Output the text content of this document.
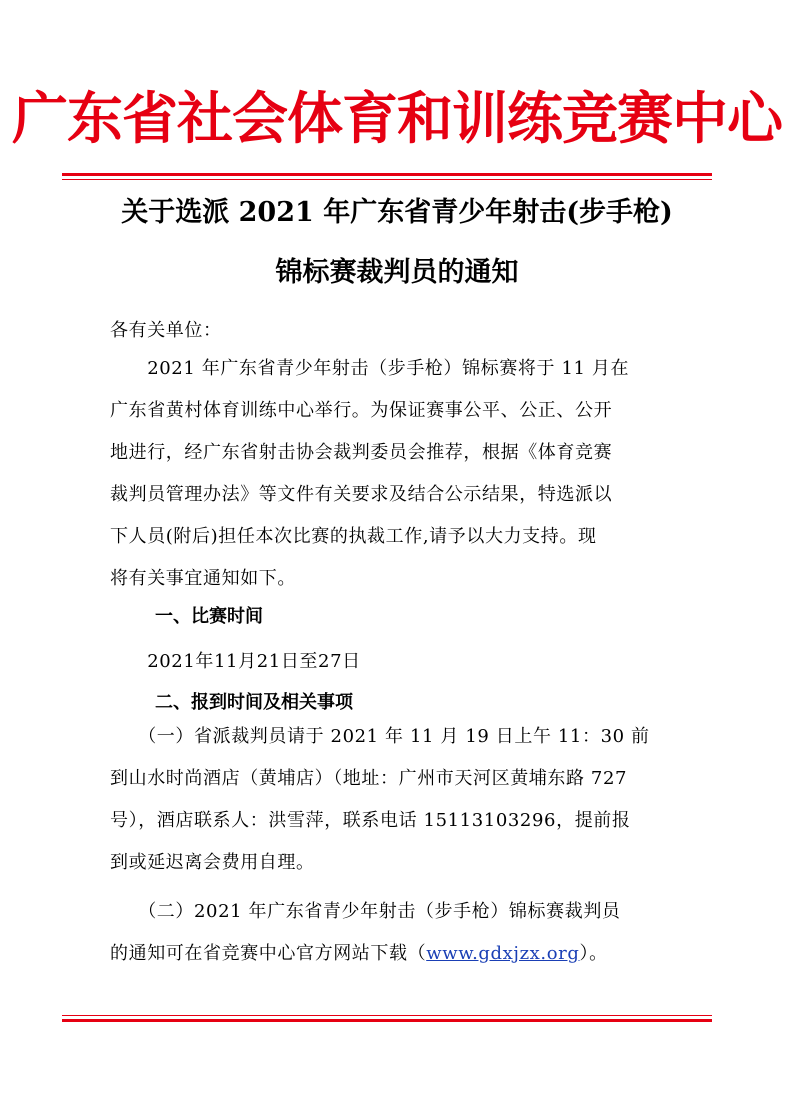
广东省社会体育和训练竞赛中心
关于选派 2021 年广东省青少年射击(步手枪)
锦标赛裁判员的通知
各有关单位：
　　2021 年广东省青少年射击（步手枪）锦标赛将于 11 月在
广东省黄村体育训练中心举行。为保证赛事公平、公正、公开
地进行，经广东省射击协会裁判委员会推荐，根据《体育竞赛
裁判员管理办法》等文件有关要求及结合公示结果，特选派以
下人员(附后)担任本次比赛的执裁工作,请予以大力支持。现
将有关事宜通知如下。
一、比赛时间
　　2021年11月21日至27日
二、报到时间及相关事项
　　（一）省派裁判员请于 2021 年 11 月 19 日上午 11：30 前
到山水时尚酒店（黄埔店）（地址：广州市天河区黄埔东路 727
号），酒店联系人：洪雪萍，联系电话 15113103296，提前报
到或延迟离会费用自理。
　　（二）2021 年广东省青少年射击（步手枪）锦标赛裁判员
的通知可在省竞赛中心官方网站下载（www.gdxjzx.org）。
